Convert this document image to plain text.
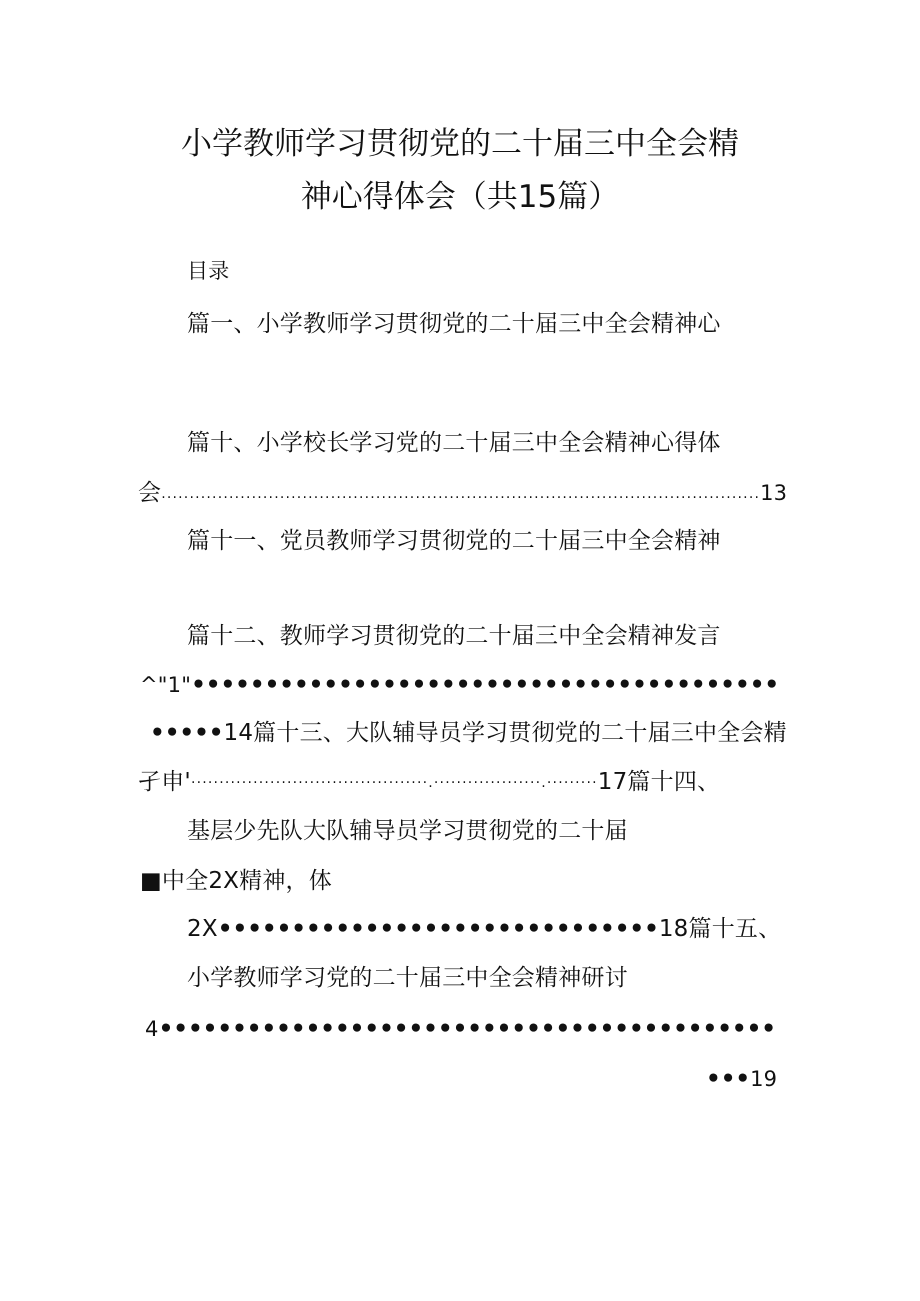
小学教师学习贯彻党的二十届三中全会精
神心得体会（共15篇）
目录
篇一、小学教师学习贯彻党的二十届三中全会精神心
篇十、小学校长学习党的二十届三中全会精神心得体
会..........................................................................................................13
篇十一、党员教师学习贯彻党的二十届三中全会精神
篇十二、教师学习贯彻党的二十届三中全会精神发言
^"1"••••••••••••••••••••••••••••••••••••••••
•••••14篇十三、大队辅导员学习贯彻党的二十届三中全会精
孑申'··········································.···················.·········17篇十四、
基层少先队大队辅导员学习贯彻党的二十届
■中全2X精神，体
2X••••••••••••••••••••••••••••••18篇十五、
小学教师学习党的二十届三中全会精神研讨
4••••••••••••••••••••••••••••••••••••••••••
•••19
